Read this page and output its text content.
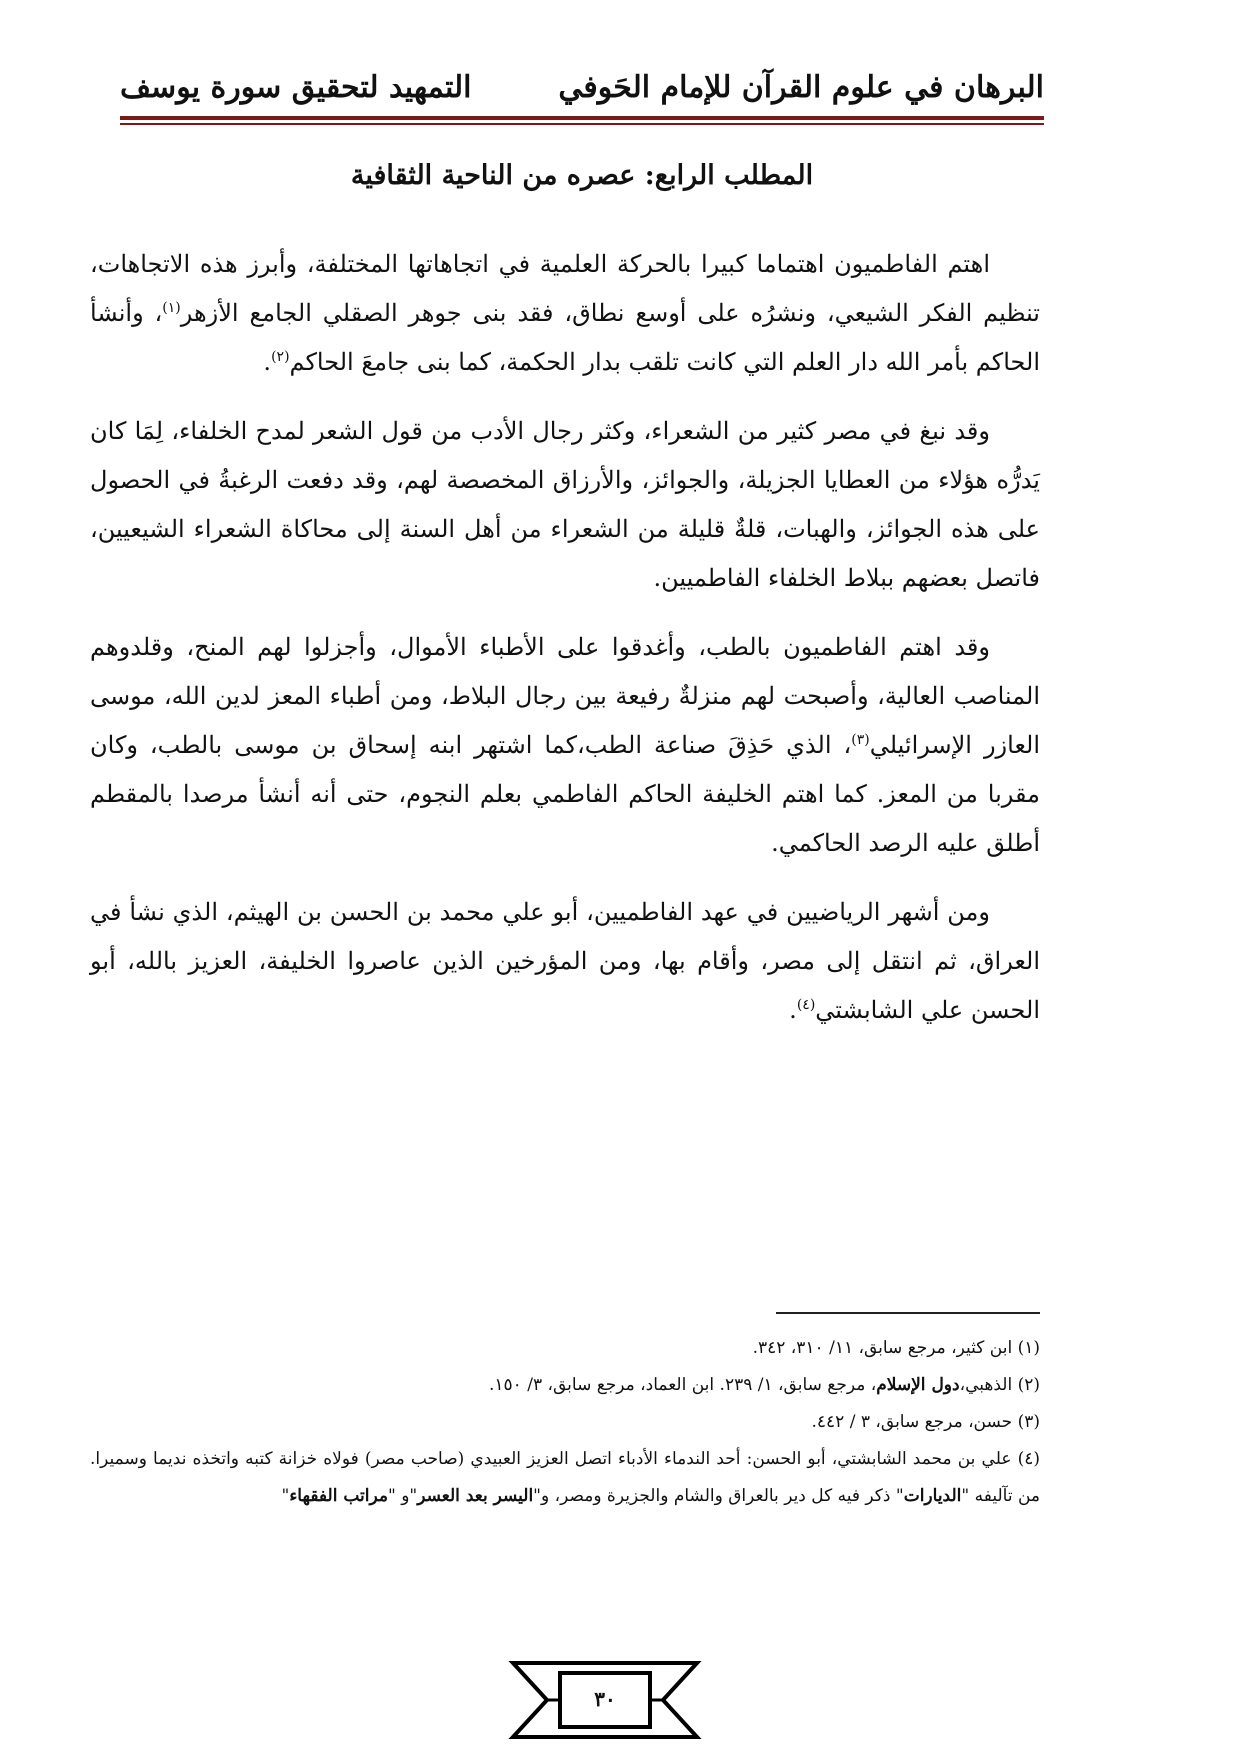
البرهان في علوم القرآن للإمام الحَوفي
التمهيد لتحقيق سورة يوسف
المطلب الرابع: عصره من الناحية الثقافية

اهتم الفاطميون اهتماما كبيرا بالحركة العلمية في اتجاهاتها المختلفة، وأبرز هذه الاتجاهات، تنظيم الفكر الشيعي، ونشرُه على أوسع نطاق، فقد بنى جوهر الصقلي الجامع الأزهر$^{(١)}$، وأنشأ الحاكم بأمر الله دار العلم التي كانت تلقب بدار الحكمة، كما بنى جامعَ الحاكم$^{(٢)}$.

وقد نبغ في مصر كثير من الشعراء، وكثر رجال الأدب من قول الشعر لمدح الخلفاء، لِمَا كان يَدرُّه هؤلاء من العطايا الجزيلة، والجوائز، والأرزاق المخصصة لهم، وقد دفعت الرغبةُ في الحصول على هذه الجوائز، والهبات، قلةٌ قليلة من الشعراء من أهل السنة إلى محاكاة الشعراء الشيعيين، فاتصل بعضهم ببلاط الخلفاء الفاطميين.

وقد اهتم الفاطميون بالطب، وأغدقوا على الأطباء الأموال، وأجزلوا لهم المنح، وقلدوهم المناصب العالية، وأصبحت لهم منزلةٌ رفيعة بين رجال البلاط، ومن أطباء المعز لدين الله، موسى العازر الإسرائيلي$^{(٣)}$، الذي حَذِقَ صناعة الطب،كما اشتهر ابنه إسحاق بن موسى بالطب، وكان مقربا من المعز. كما اهتم الخليفة الحاكم الفاطمي بعلم النجوم، حتى أنه أنشأ مرصدا بالمقطم أطلق عليه الرصد الحاكمي.

ومن أشهر الرياضيين في عهد الفاطميين، أبو علي محمد بن الحسن بن الهيثم، الذي نشأ في العراق، ثم انتقل إلى مصر، وأقام بها، ومن المؤرخين الذين عاصروا الخليفة، العزيز بالله، أبو الحسن علي الشابشتي$^{(٤)}$.

(١) ابن كثير، مرجع سابق، ١١/ ٣١٠، ٣٤٢.

(٢) الذهبي،دول الإسلام، مرجع سابق، ١/ ٢٣٩. ابن العماد، مرجع سابق، ٣/ ١٥٠.

(٣) حسن، مرجع سابق، ٣ / ٤٤٢.

(٤) علي بن محمد الشابشتي، أبو الحسن: أحد الندماء الأدباء اتصل العزيز العبيدي (صاحب مصر) فولاه خزانة كتبه واتخذه نديما وسميرا. من تآليفه "الديارات" ذكر فيه كل دير بالعراق والشام والجزيرة ومصر، و"اليسر بعد العسر"و "مراتب الفقهاء"

٣٠
